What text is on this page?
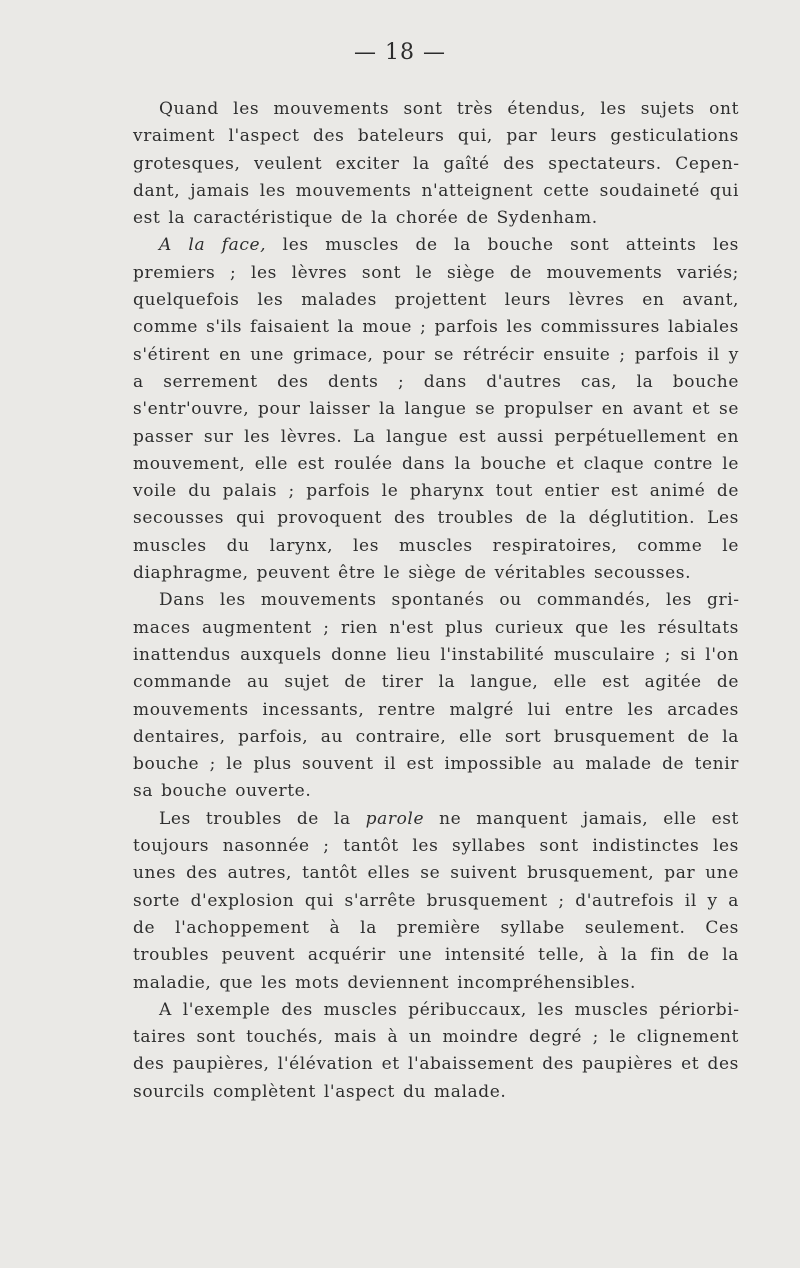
— 18 —

Quand les mouvements sont très étendus, les sujets ont vraiment l'aspect des bateleurs qui, par leurs gesticulations grotesques, veulent exciter la gaîté des spectateurs. Cependant, jamais les mouvements n'atteignent cette soudaineté qui est la caractéristique de la chorée de Sydenham.

A la face, les muscles de la bouche sont atteints les premiers ; les lèvres sont le siège de mouvements variés; quelquefois les malades projettent leurs lèvres en avant, comme s'ils faisaient la moue ; parfois les commissures labiales s'étirent en une grimace, pour se rétrécir ensuite ; parfois il y a serrement des dents ; dans d'autres cas, la bouche s'entr'ouvre, pour laisser la langue se propulser en avant et se passer sur les lèvres. La langue est aussi perpétuellement en mouvement, elle est roulée dans la bouche et claque contre le voile du palais ; parfois le pharynx tout entier est animé de secousses qui provoquent des troubles de la déglutition. Les muscles du larynx, les muscles respiratoires, comme le diaphragme, peuvent être le siège de véritables secousses.

Dans les mouvements spontanés ou commandés, les grimaces augmentent ; rien n'est plus curieux que les résultats inattendus auxquels donne lieu l'instabilité musculaire ; si l'on commande au sujet de tirer la langue, elle est agitée de mouvements incessants, rentre malgré lui entre les arcades dentaires, parfois, au contraire, elle sort brusquement de la bouche ; le plus souvent il est impossible au malade de tenir sa bouche ouverte.

Les troubles de la parole ne manquent jamais, elle est toujours nasonnée ; tantôt les syllabes sont indistinctes les unes des autres, tantôt elles se suivent brusquement, par une sorte d'explosion qui s'arrête brusquement ; d'autrefois il y a de l'achoppement à la première syllabe seulement. Ces troubles peuvent acquérir une intensité telle, à la fin de la maladie, que les mots deviennent incompréhensibles.

A l'exemple des muscles péribuccaux, les muscles périorbitaires sont touchés, mais à un moindre degré ; le clignement des paupières, l'élévation et l'abaissement des paupières et des sourcils complètent l'aspect du malade.
